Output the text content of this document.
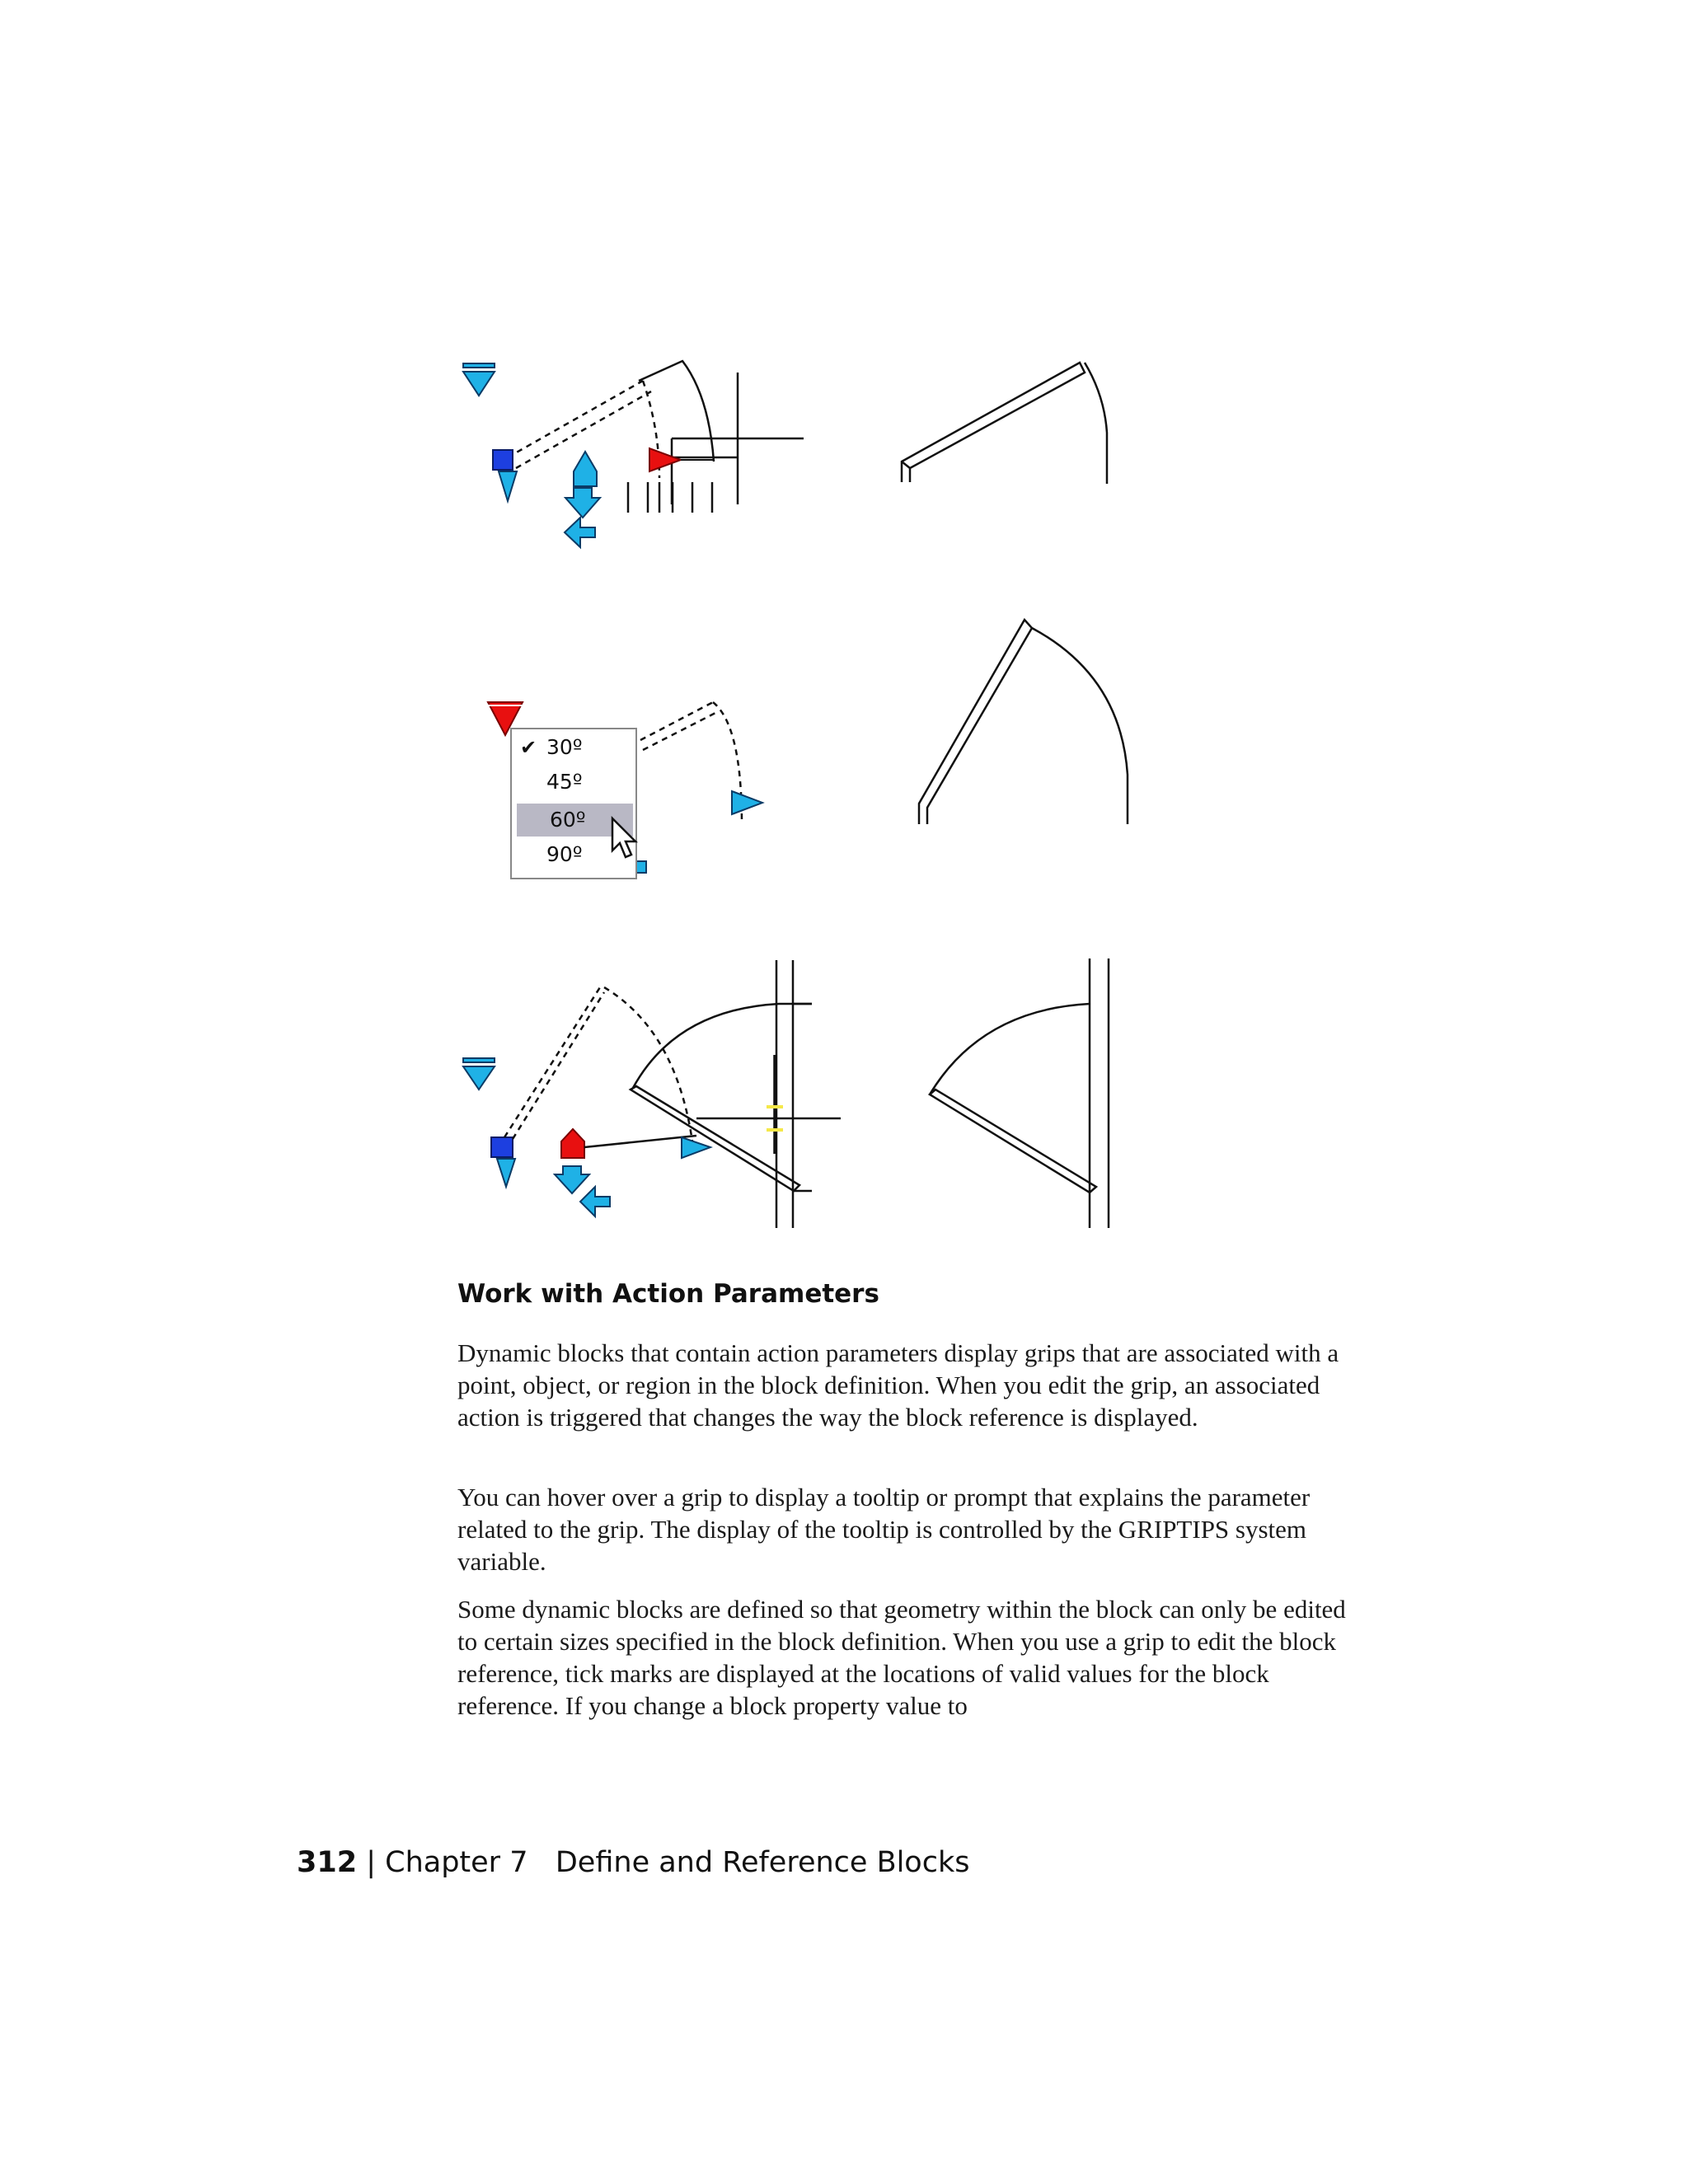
✔ 30º
45º
60º
90º
Work with Action Parameters

Dynamic blocks that contain action parameters display grips that are associated with a point, object, or region in the block definition. When you edit the grip, an associated action is triggered that changes the way the block reference is displayed.

You can hover over a grip to display a tooltip or prompt that explains the parameter related to the grip. The display of the tooltip is controlled by the GRIPTIPS system variable.

Some dynamic blocks are defined so that geometry within the block can only be edited to certain sizes specified in the block definition. When you use a grip to edit the block reference, tick marks are displayed at the locations of valid values for the block reference. If you change a block property value to

312 | Chapter 7 Define and Reference Blocks
